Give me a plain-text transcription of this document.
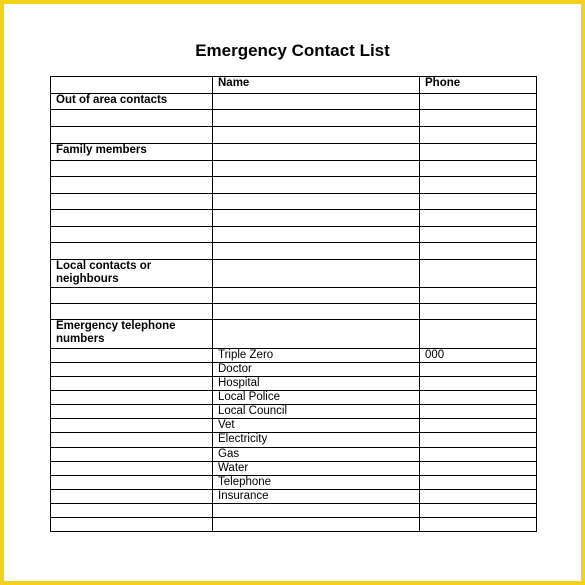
Emergency Contact List
	Name	Phone
Out of area contacts		

Family members		

Local contacts or neighbours		

Emergency telephone numbers		
	Triple Zero	000
	Doctor	
	Hospital	
	Local Police	
	Local Council	
	Vet	
	Electricity	
	Gas	
	Water	
	Telephone	
	Insurance	
